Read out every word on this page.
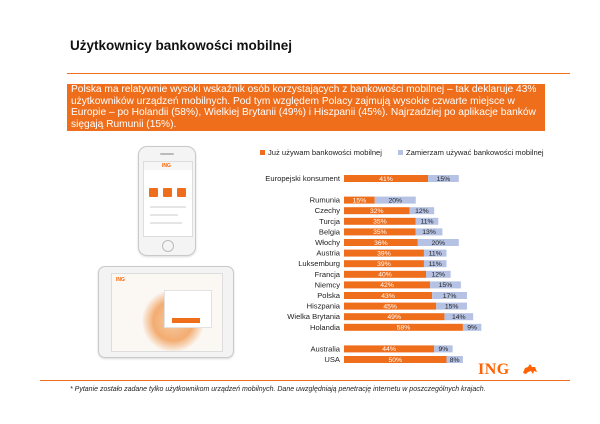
Użytkownicy bankowości mobilnej
Polska ma relatywnie wysoki wskaźnik osób korzystających z bankowości mobilnej – tak deklaruje 43% użytkowników urządzeń mobilnych. Pod tym względem Polacy zajmują wysokie czwarte miejsce w Europie – po Holandii (58%), Wielkiej Brytanii (49%) i Hiszpanii (45%). Najrzadziej po aplikacje banków sięgają Rumunii (15%).
ING
ING
Już używam bankowości mobilnej	Zamierzam używać bankowości mobilnej
Europejski konsument	41%	15%
Rumunia 15%	20%
Czechy	32%	12%
Turcja	35%	11%
Belgia	35%	13%
Włochy	36%	20%
Austria	39%	11%
Luksemburg	39%	11%
Francja	40%	12%
Niemcy	42%	15%
Polska	43%	17%
Hiszpania	45%	15%
Wielka Brytania	49%	14%
Holandia	58%	9%
Australia	44%	9%
USA	50%	8%
ING
* Pytanie zostało zadane tylko użytkownikom urządzeń mobilnych. Dane uwzględniają penetrację internetu w poszczególnych krajach.
